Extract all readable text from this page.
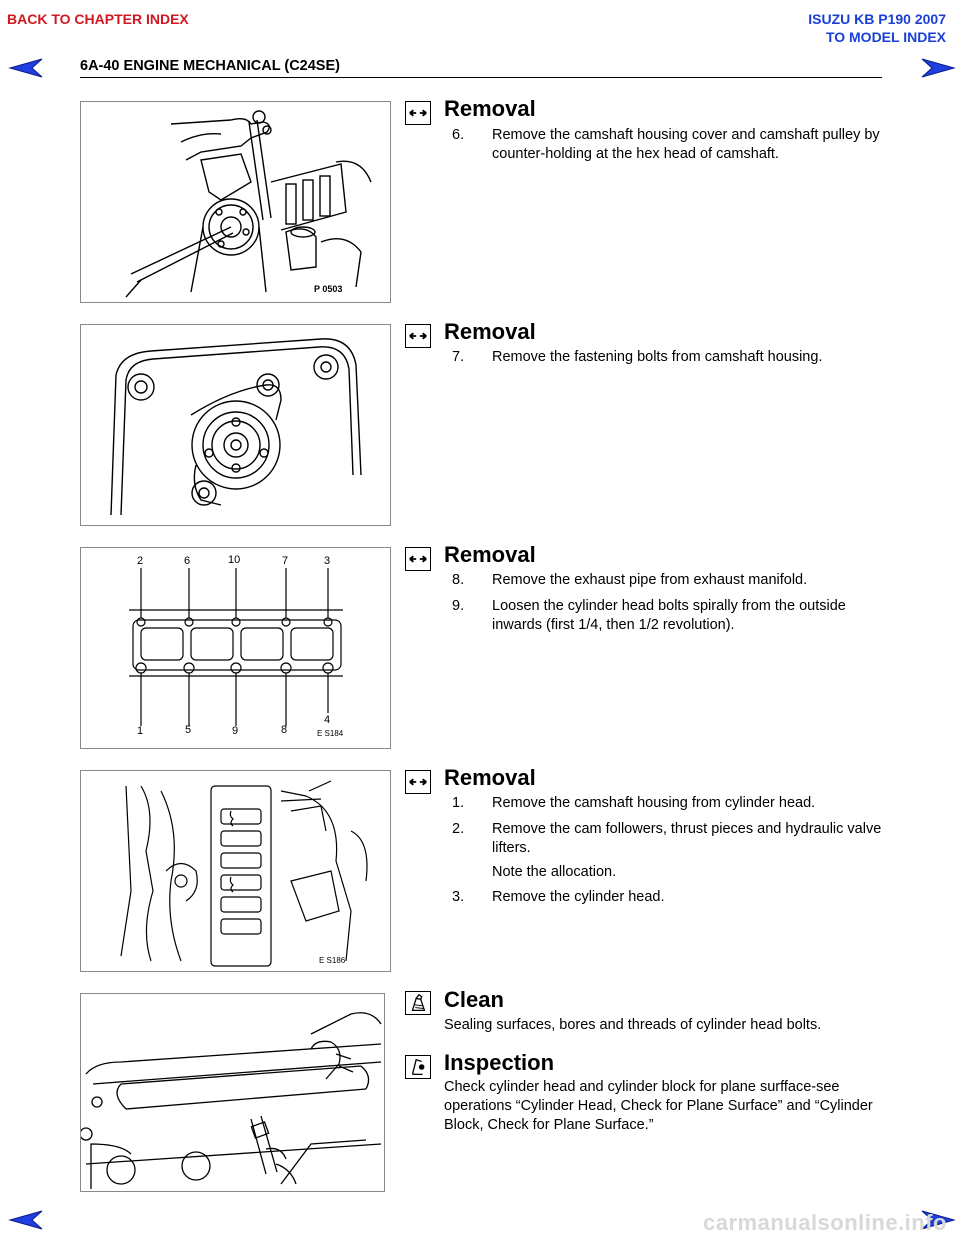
BACK TO CHAPTER INDEX	ISUZU KB P190 2007
TO MODEL INDEX
6A-40 ENGINE MECHANICAL (C24SE)
P 0503
Removal
6. Remove the camshaft housing cover and camshaft pulley by counter-holding at the hex head of camshaft.
Removal
7. Remove the fastening bolts from camshaft housing.
2	6	10	7	3
1	5	9	8
4
E S184
Removal
8. Remove the exhaust pipe from exhaust manifold.
9. Loosen the cylinder head bolts spirally from the outside inwards (first 1/4, then 1/2 revolution).
E S186
Removal
1. Remove the camshaft housing from cylinder head.
2. Remove the cam followers, thrust pieces and hydraulic valve lifters.
Note the allocation.
3. Remove the cylinder head.
Clean
Sealing surfaces, bores and threads of cylinder head bolts.
Inspection
Check cylinder head and cylinder block for plane surfface-see operations “Cylinder Head, Check for Plane Surface” and “Cylinder Block, Check for Plane Surface.”
carmanualsonline.info
